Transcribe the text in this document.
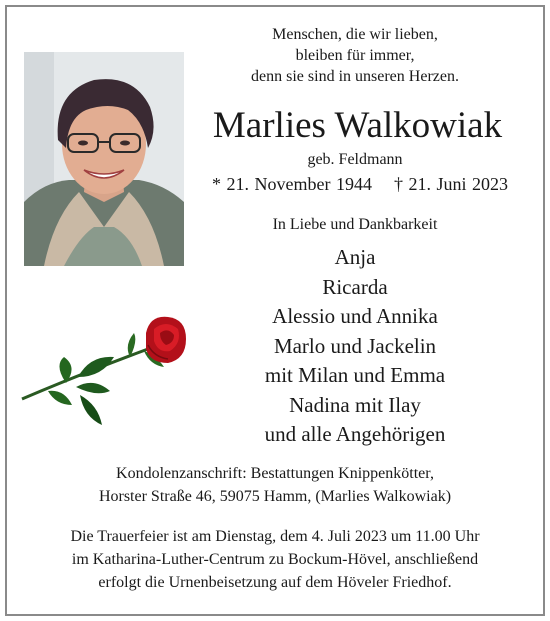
Menschen, die wir lieben,
bleiben für immer,
denn sie sind in unseren Herzen.
Marlies Walkowiak
geb. Feldmann
* 21. November 1944 † 21. Juni 2023
In Liebe und Dankbarkeit
Anja
Ricarda
Alessio und Annika
Marlo und Jackelin
mit Milan und Emma
Nadina mit Ilay
und alle Angehörigen
Kondolenzanschrift: Bestattungen Knippenkötter,
Horster Straße 46, 59075 Hamm, (Marlies Walkowiak)
Die Trauerfeier ist am Dienstag, dem 4. Juli 2023 um 11.00 Uhr
im Katharina-Luther-Centrum zu Bockum-Hövel, anschließend
erfolgt die Urnenbeisetzung auf dem Höveler Friedhof.
